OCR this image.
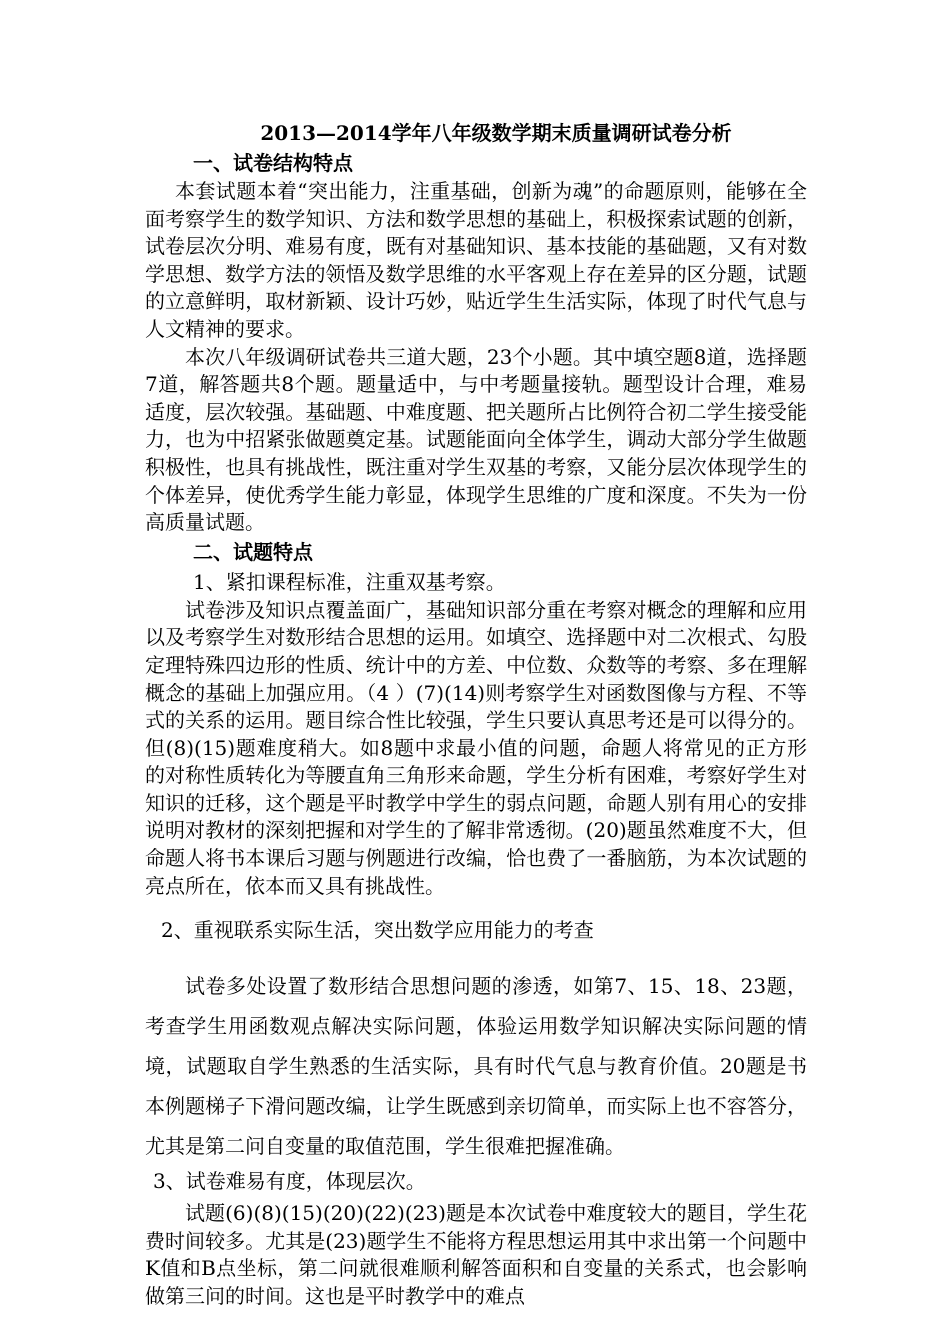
2013—2014学年八年级数学期末质量调研试卷分析
一、试卷结构特点

本套试题本着“突出能力，注重基础，创新为魂”的命题原则，能够在全面考察学生的数学知识、方法和数学思想的基础上，积极探索试题的创新，试卷层次分明、难易有度，既有对基础知识、基本技能的基础题，又有对数学思想、数学方法的领悟及数学思维的水平客观上存在差异的区分题，试题的立意鲜明，取材新颖、设计巧妙，贴近学生生活实际，体现了时代气息与人文精神的要求。

本次八年级调研试卷共三道大题，23个小题。其中填空题8道，选择题7道，解答题共8个题。题量适中，与中考题量接轨。题型设计合理，难易适度，层次较强。基础题、中难度题、把关题所占比例符合初二学生接受能力，也为中招紧张做题奠定基。试题能面向全体学生，调动大部分学生做题积极性，也具有挑战性，既注重对学生双基的考察，又能分层次体现学生的个体差异，使优秀学生能力彰显，体现学生思维的广度和深度。不失为一份高质量试题。

二、试题特点

1、紧扣课程标准，注重双基考察。

试卷涉及知识点覆盖面广，基础知识部分重在考察对概念的理解和应用以及考察学生对数形结合思想的运用。如填空、选择题中对二次根式、勾股定理特殊四边形的性质、统计中的方差、中位数、众数等的考察、多在理解概念的基础上加强应用。（4 ）(7)(14)则考察学生对函数图像与方程、不等式的关系的运用。题目综合性比较强，学生只要认真思考还是可以得分的。但(8)(15)题难度稍大。如8题中求最小值的问题，命题人将常见的正方形的对称性质转化为等腰直角三角形来命题，学生分析有困难，考察好学生对知识的迁移，这个题是平时教学中学生的弱点问题，命题人别有用心的安排说明对教材的深刻把握和对学生的了解非常透彻。(20)题虽然难度不大，但命题人将书本课后习题与例题进行改编，恰也费了一番脑筋，为本次试题的亮点所在，依本而又具有挑战性。

2、重视联系实际生活，突出数学应用能力的考查

试卷多处设置了数形结合思想问题的渗透，如第7、15、18、23题，考查学生用函数观点解决实际问题，体验运用数学知识解决实际问题的情境，试题取自学生熟悉的生活实际，具有时代气息与教育价值。20题是书本例题梯子下滑问题改编，让学生既感到亲切简单，而实际上也不容答分，尤其是第二问自变量的取值范围，学生很难把握准确。

3、试卷难易有度，体现层次。

试题(6)(8)(15)(20)(22)(23)题是本次试卷中难度较大的题目，学生花费时间较多。尤其是(23)题学生不能将方程思想运用其中求出第一个问题中K值和B点坐标，第二问就很难顺利解答面积和自变量的关系式，也会影响做第三问的时间。这也是平时教学中的难点
